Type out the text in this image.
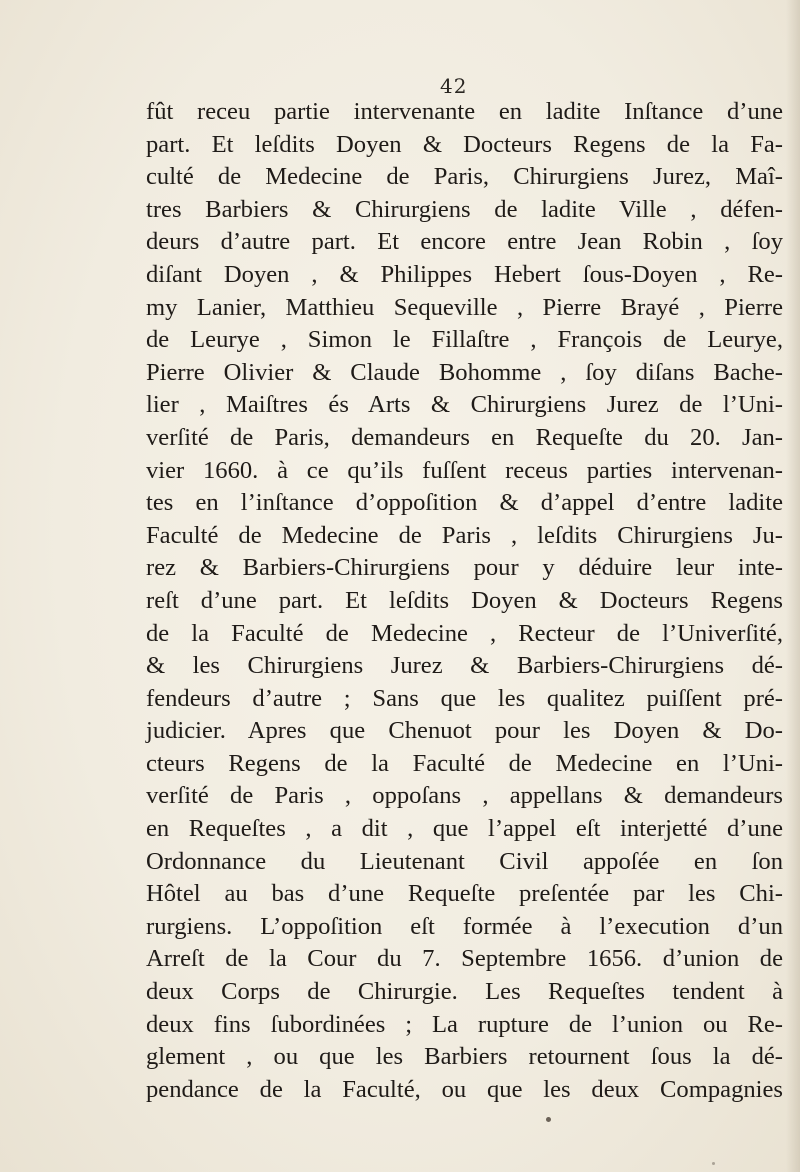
42
fût receu partie intervenante en ladite Inſtance d’une
part. Et leſdits Doyen & Docteurs Regens de la Fa-
culté de Medecine de Paris, Chirurgiens Jurez, Maî-
tres Barbiers & Chirurgiens de ladite Ville , défen-
deurs d’autre part. Et encore entre Jean Robin , ſoy
diſant Doyen , & Philippes Hebert ſous-Doyen , Re-
my Lanier, Matthieu Sequeville , Pierre Brayé , Pierre
de Leurye , Simon le Fillaſtre , François de Leurye,
Pierre Olivier & Claude Bohomme , ſoy diſans Bache-
lier , Maiſtres és Arts & Chirurgiens Jurez de l’Uni-
verſité de Paris, demandeurs en Requeſte du 20. Jan-
vier 1660. à ce qu’ils fuſſent receus parties intervenan-
tes en l’inſtance d’oppoſition & d’appel d’entre ladite
Faculté de Medecine de Paris , leſdits Chirurgiens Ju-
rez & Barbiers-Chirurgiens pour y déduire leur inte-
reſt d’une part. Et leſdits Doyen & Docteurs Regens
de la Faculté de Medecine , Recteur de l’Univerſité,
& les Chirurgiens Jurez & Barbiers-Chirurgiens dé-
fendeurs d’autre ; Sans que les qualitez puiſſent pré-
judicier. Apres que Chenuot pour les Doyen & Do-
cteurs Regens de la Faculté de Medecine en l’Uni-
verſité de Paris , oppoſans , appellans & demandeurs
en Requeſtes , a dit , que l’appel eſt interjetté d’une
Ordonnance du Lieutenant Civil appoſée en ſon
Hôtel au bas d’une Requeſte preſentée par les Chi-
rurgiens. L’oppoſition eſt formée à l’execution d’un
Arreſt de la Cour du 7. Septembre 1656. d’union de
deux Corps de Chirurgie. Les Requeſtes tendent à
deux fins ſubordinées ; La rupture de l’union ou Re-
glement , ou que les Barbiers retournent ſous la dé-
pendance de la Faculté, ou que les deux Compagnies
